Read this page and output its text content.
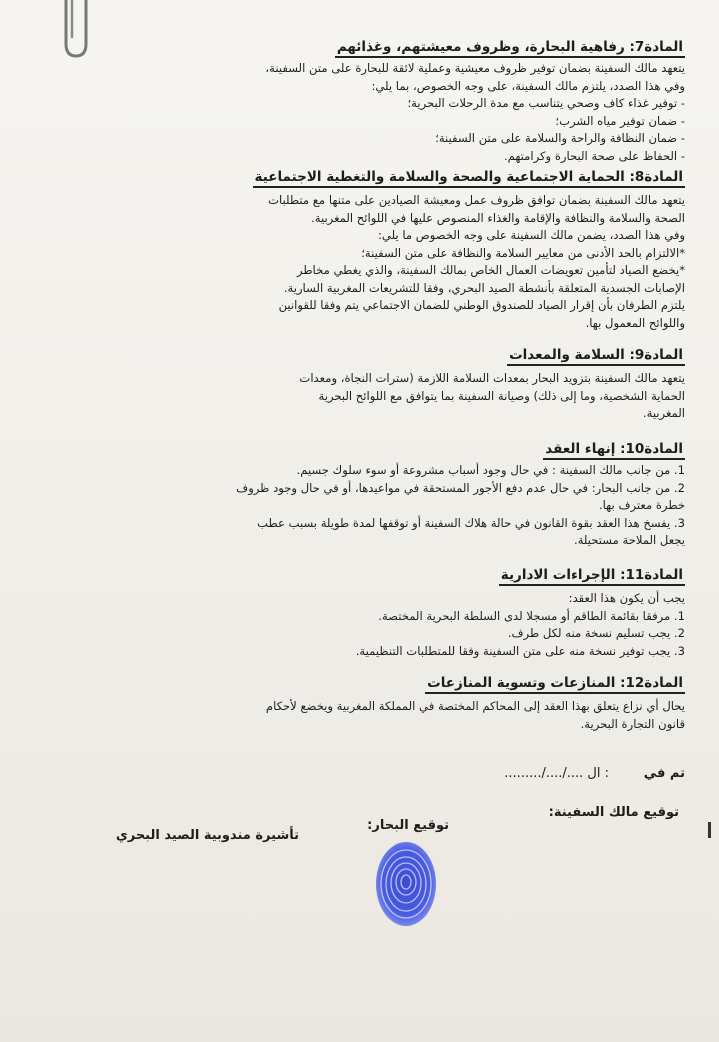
المادة7: رفاهية البحارة، وظروف معيشتهم، وغذائهم
يتعهد مالك السفينة بضمان توفير ظروف معيشية وعملية لائقة للبحارة على متن السفينة،
وفي هذا الصدد، يلتزم مالك السفينة، على وجه الخصوص، بما يلي:
- توفير غذاء كاف وصحي يتناسب مع مدة الرحلات البحرية؛
- ضمان توفير مياه الشرب؛
- ضمان النظافة والراحة والسلامة على متن السفينة؛
- الحفاظ على صحة البحارة وكرامتهم.
المادة8: الحماية الاجتماعية والصحة والسلامة والتغطية الاجتماعية
يتعهد مالك السفينة بضمان توافق ظروف عمل ومعيشة الصيادين على متنها مع متطلبات
الصحة والسلامة والنظافة والإقامة والغذاء المنصوص عليها في اللوائح المغربية.
وفي هذا الصدد، يضمن مالك السفينة على وجه الخصوص ما يلي:
*الالتزام بالحد الأدنى من معايير السلامة والنظافة على متن السفينة؛
*يخضع الصياد لتأمين تعويضات العمال الخاص بمالك السفينة، والذي يغطي مخاطر
الإصابات الجسدية المتعلقة بأنشطة الصيد البحري، وفقا للتشريعات المغربية السارية.
يلتزم الطرفان بأن إقرار الصياد للصندوق الوطني للضمان الاجتماعي يتم وفقا للقوانين
واللوائح المعمول بها.
المادة9: السلامة والمعدات
يتعهد مالك السفينة بتزويد البحار بمعدات السلامة اللازمة (سترات النجاة، ومعدات
الحماية الشخصية، وما إلى ذلك) وصيانة السفينة بما يتوافق مع اللوائح البحرية
المغربية.
المادة10: إنهاء العقد
1. من جانب مالك السفينة : في حال وجود أسباب مشروعة أو سوء سلوك جسيم.
2. من جانب البحار: في حال عدم دفع الأجور المستحقة في مواعيدها، أو في حال وجود ظروف
خطرة معترف بها.
3. يفسخ هذا العقد بقوة القانون في حالة هلاك السفينة أو توقفها لمدة طويلة بسبب عطب
يجعل الملاحة مستحيلة.
المادة11: الإجراءات الادارية
يجب أن يكون هذا العقد:
1. مرفقا بقائمة الطاقم أو مسجلا لدى السلطة البحرية المختصة.
2. يجب تسليم نسخة منه لكل طرف.
3. يجب توفير نسخة منه على متن السفينة وفقا للمتطلبات التنظيمية.
المادة12: المنازعات وتسوية المنازعات
يحال أي نزاع يتعلق بهذا العقد إلى المحاكم المختصة في المملكة المغربية ويخضع لأحكام
قانون التجارة البحرية.
تم في
: ال ..../..../.........
توقيع مالك السفينة:
توقيع البحار:
تأشيرة مندوبية الصيد البحري
